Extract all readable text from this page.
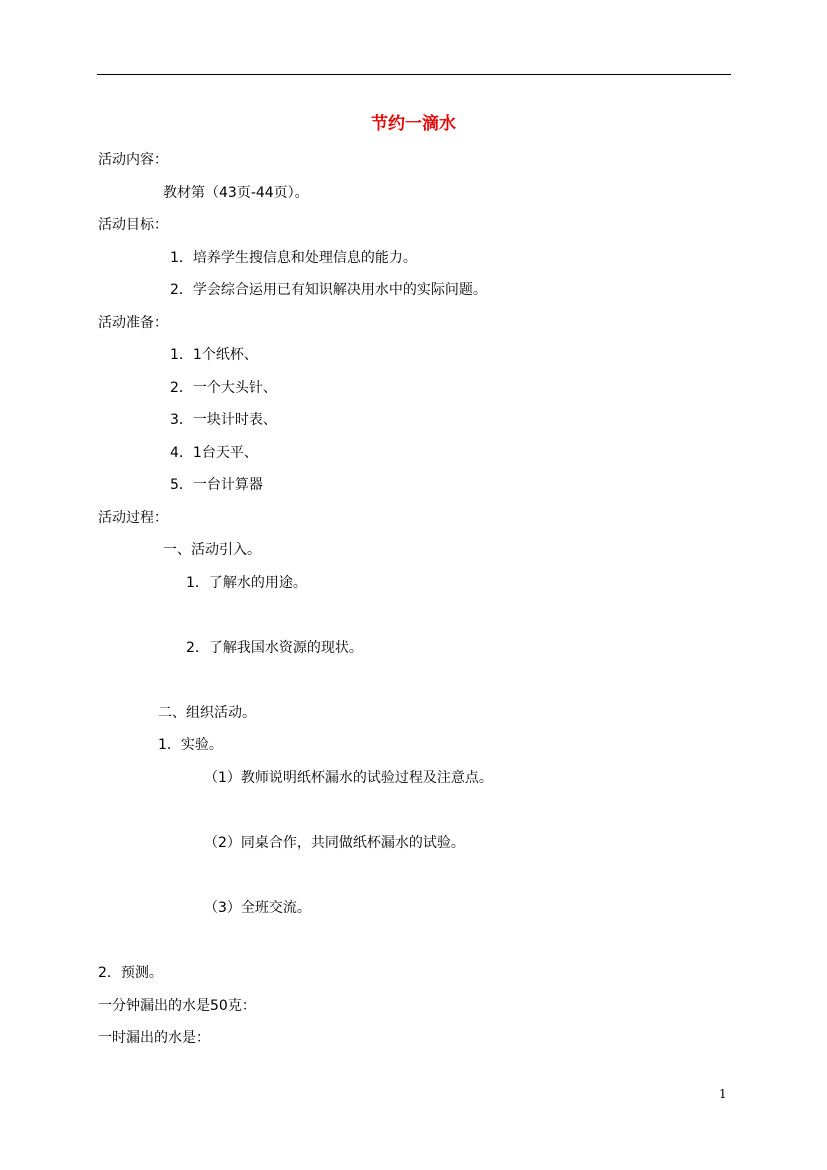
节约一滴水
活动内容：
教材第（43页-44页）。
活动目标：
1．培养学生搜信息和处理信息的能力。
2．学会综合运用已有知识解决用水中的实际问题。
活动准备：
1．1个纸杯、
2．一个大头针、
3．一块计时表、
4．1台天平、
5．一台计算器
活动过程：
一、活动引入。
1．了解水的用途。
2．了解我国水资源的现状。
二、组织活动。
1．实验。
（1）教师说明纸杯漏水的试验过程及注意点。
（2）同桌合作，共同做纸杯漏水的试验。
（3）全班交流。
2．预测。
一分钟漏出的水是50克：
一时漏出的水是：
1
